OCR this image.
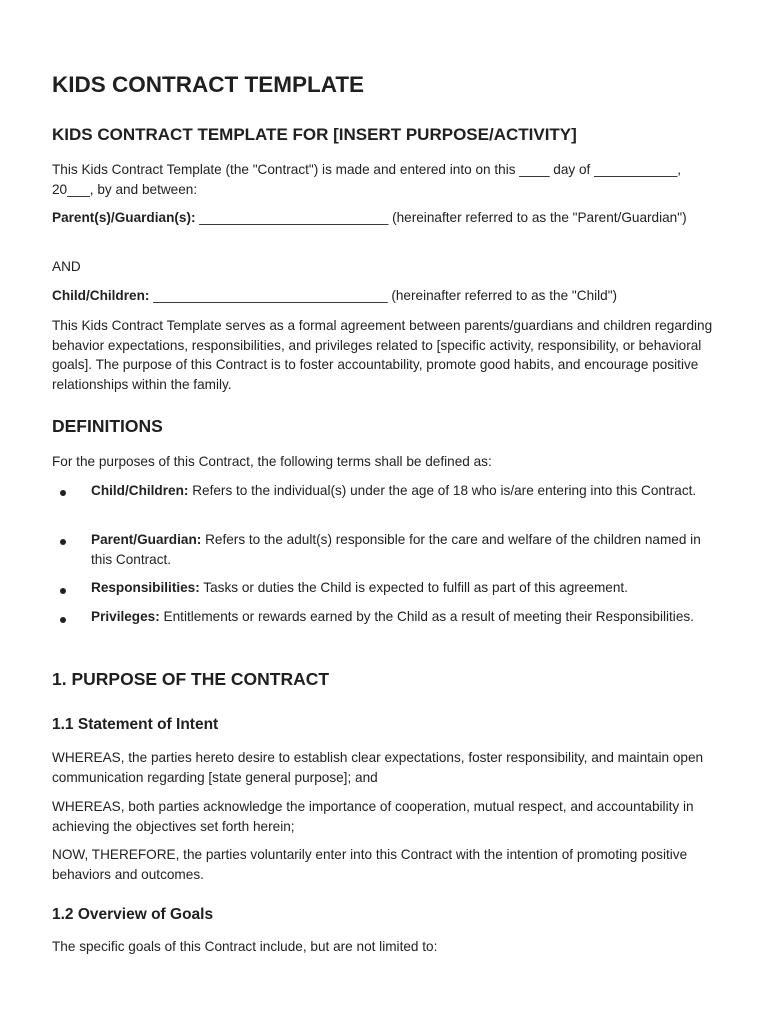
KIDS CONTRACT TEMPLATE
KIDS CONTRACT TEMPLATE FOR [INSERT PURPOSE/ACTIVITY]

This Kids Contract Template (the "Contract") is made and entered into on this ____ day of ___________, 20___, by and between:

Parent(s)/Guardian(s): _________________________ (hereinafter referred to as the "Parent/Guardian")

AND

Child/Children: _______________________________ (hereinafter referred to as the "Child")

This Kids Contract Template serves as a formal agreement between parents/guardians and children regarding behavior expectations, responsibilities, and privileges related to [specific activity, responsibility, or behavioral goals]. The purpose of this Contract is to foster accountability, promote good habits, and encourage positive relationships within the family.

DEFINITIONS

For the purposes of this Contract, the following terms shall be defined as:

Child/Children: Refers to the individual(s) under the age of 18 who is/are entering into this Contract.

Parent/Guardian: Refers to the adult(s) responsible for the care and welfare of the children named in this Contract.

Responsibilities: Tasks or duties the Child is expected to fulfill as part of this agreement.

Privileges: Entitlements or rewards earned by the Child as a result of meeting their Responsibilities.

1. PURPOSE OF THE CONTRACT
1.1 Statement of Intent

WHEREAS, the parties hereto desire to establish clear expectations, foster responsibility, and maintain open communication regarding [state general purpose]; and

WHEREAS, both parties acknowledge the importance of cooperation, mutual respect, and accountability in achieving the objectives set forth herein;

NOW, THEREFORE, the parties voluntarily enter into this Contract with the intention of promoting positive behaviors and outcomes.

1.2 Overview of Goals

The specific goals of this Contract include, but are not limited to:
